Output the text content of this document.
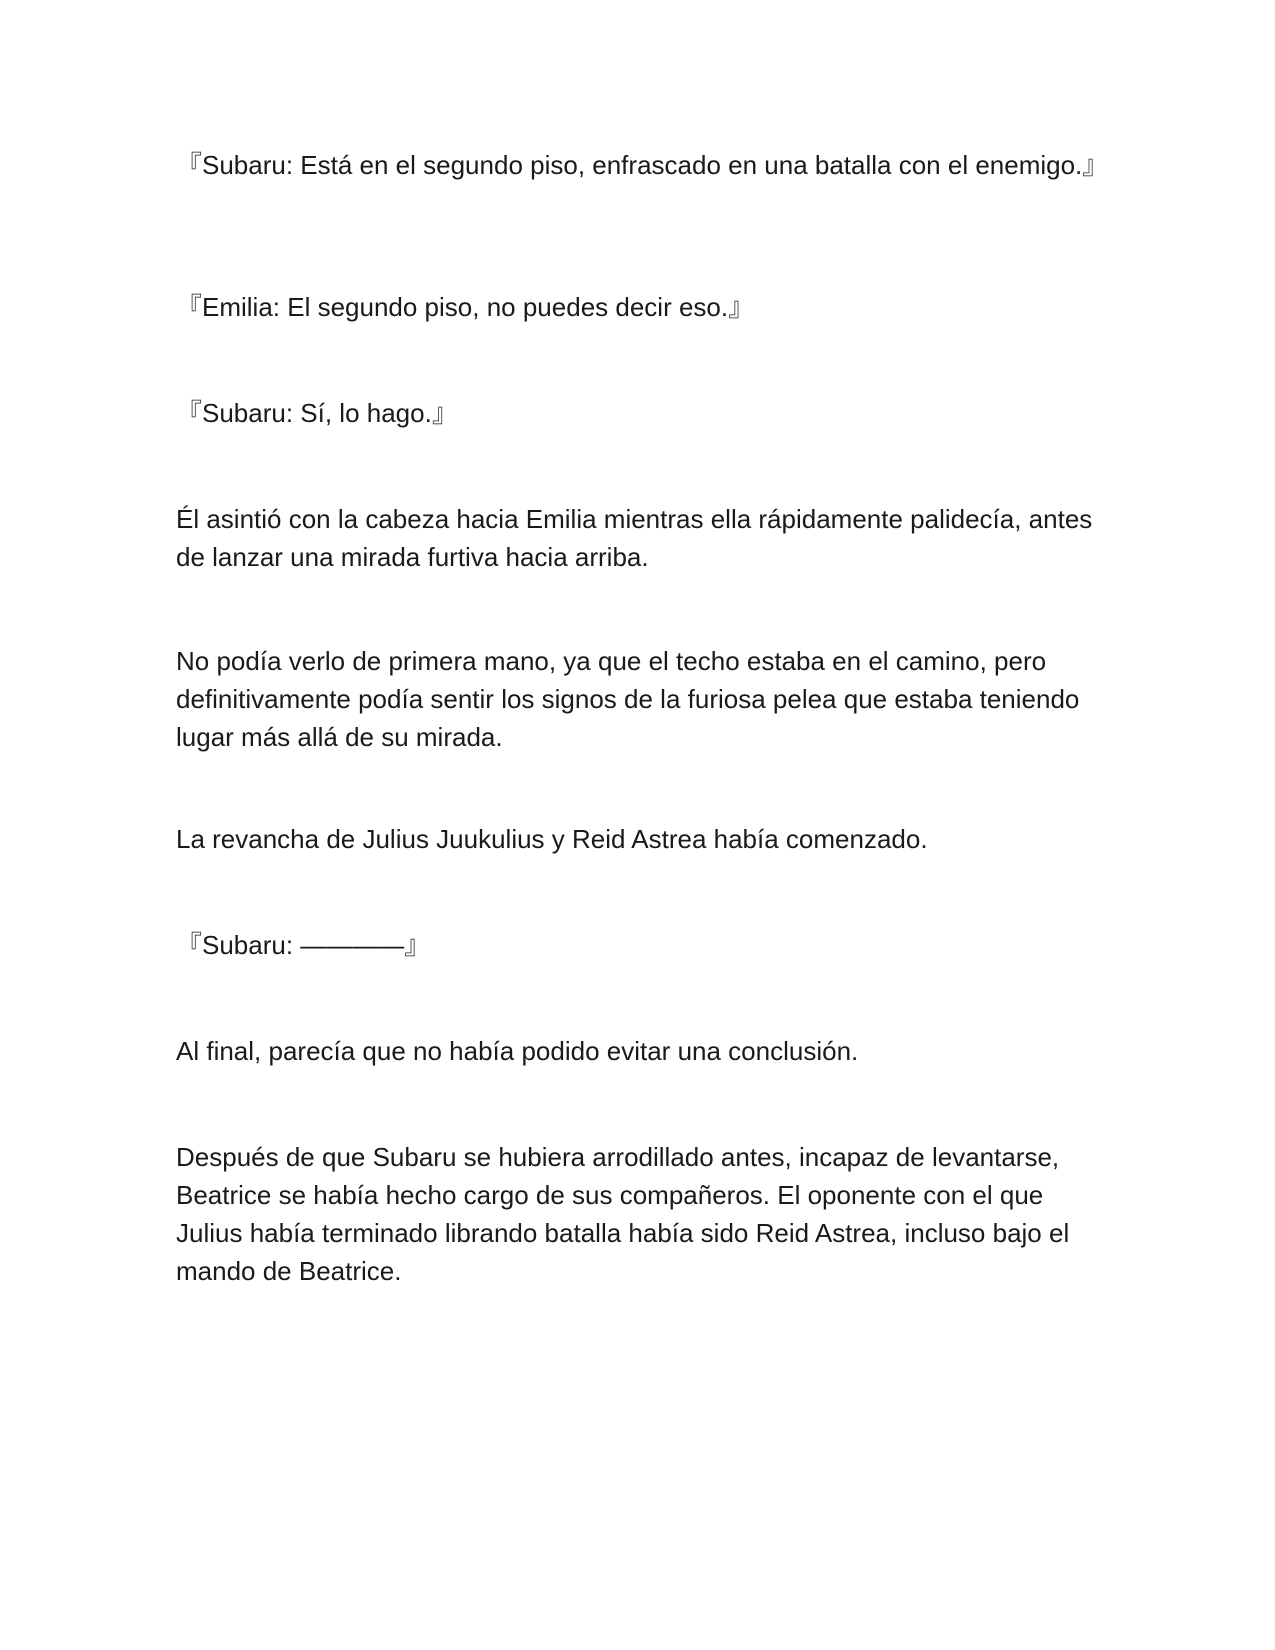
『Subaru: Está en el segundo piso, enfrascado en una batalla con el enemigo.』

『Emilia: El segundo piso, no puedes decir eso.』

『Subaru: Sí, lo hago.』

Él asintió con la cabeza hacia Emilia mientras ella rápidamente palidecía, antes de lanzar una mirada furtiva hacia arriba.

No podía verlo de primera mano, ya que el techo estaba en el camino, pero definitivamente podía sentir los signos de la furiosa pelea que estaba teniendo lugar más allá de su mirada.

La revancha de Julius Juukulius y Reid Astrea había comenzado.

『Subaru: ————』

Al final, parecía que no había podido evitar una conclusión.

Después de que Subaru se hubiera arrodillado antes, incapaz de levantarse, Beatrice se había hecho cargo de sus compañeros. El oponente con el que Julius había terminado librando batalla había sido Reid Astrea, incluso bajo el mando de Beatrice.
